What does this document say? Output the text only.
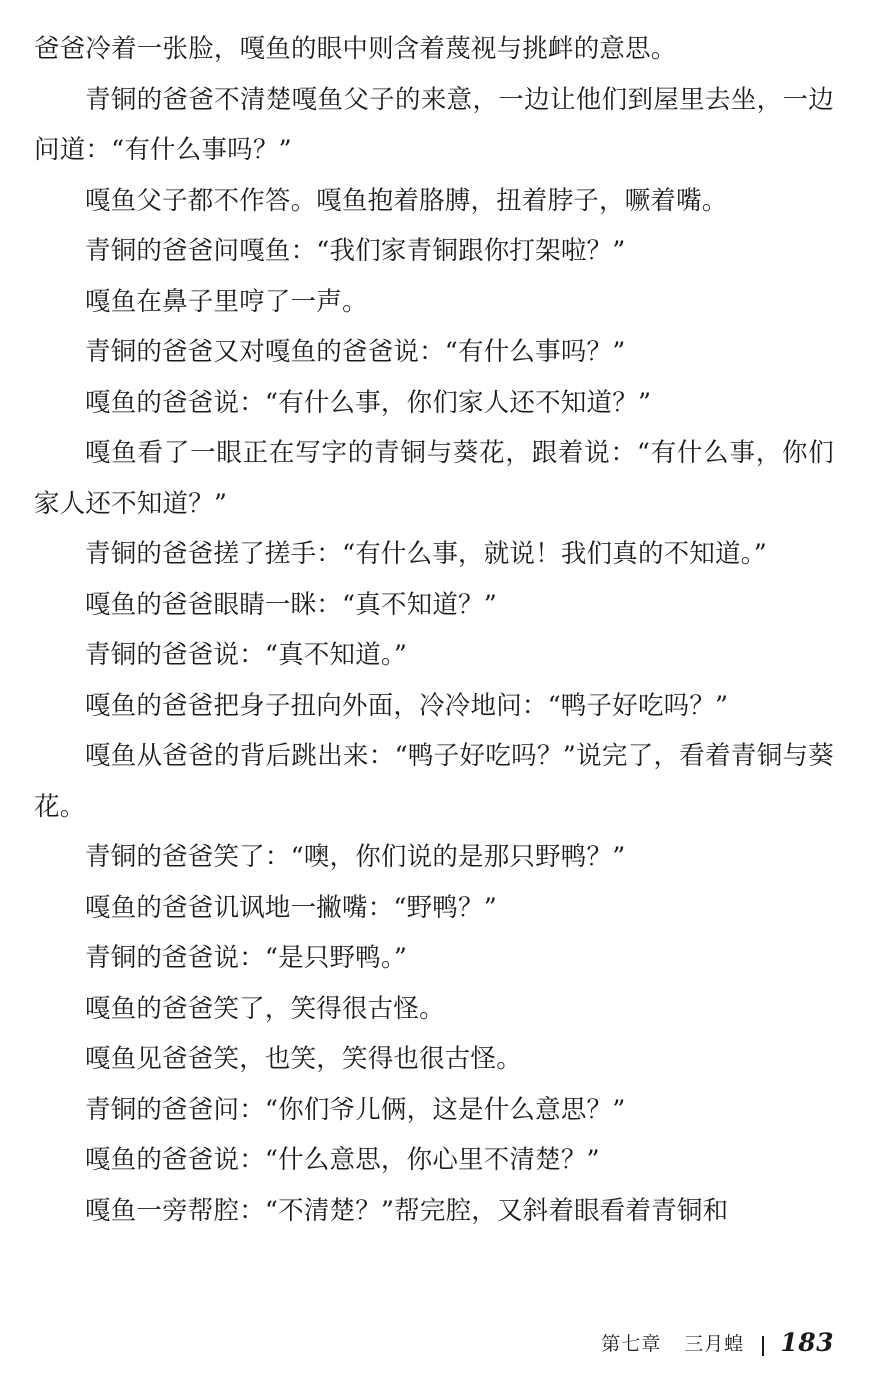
爸爸冷着一张脸，嘎鱼的眼中则含着蔑视与挑衅的意思。

青铜的爸爸不清楚嘎鱼父子的来意，一边让他们到屋里去坐，一边问道：“有什么事吗？”

嘎鱼父子都不作答。嘎鱼抱着胳膊，扭着脖子，噘着嘴。

青铜的爸爸问嘎鱼：“我们家青铜跟你打架啦？”

嘎鱼在鼻子里哼了一声。

青铜的爸爸又对嘎鱼的爸爸说：“有什么事吗？”

嘎鱼的爸爸说：“有什么事，你们家人还不知道？”

嘎鱼看了一眼正在写字的青铜与葵花，跟着说：“有什么事，你们家人还不知道？”

青铜的爸爸搓了搓手：“有什么事，就说！我们真的不知道。”

嘎鱼的爸爸眼睛一眯：“真不知道？”

青铜的爸爸说：“真不知道。”

嘎鱼的爸爸把身子扭向外面，冷冷地问：“鸭子好吃吗？”

嘎鱼从爸爸的背后跳出来：“鸭子好吃吗？”说完了，看着青铜与葵花。

青铜的爸爸笑了：“噢，你们说的是那只野鸭？”

嘎鱼的爸爸讥讽地一撇嘴：“野鸭？”

青铜的爸爸说：“是只野鸭。”

嘎鱼的爸爸笑了，笑得很古怪。

嘎鱼见爸爸笑，也笑，笑得也很古怪。

青铜的爸爸问：“你们爷儿俩，这是什么意思？”

嘎鱼的爸爸说：“什么意思，你心里不清楚？”

嘎鱼一旁帮腔：“不清楚？”帮完腔，又斜着眼看着青铜和

第七章 三月蝗 183
